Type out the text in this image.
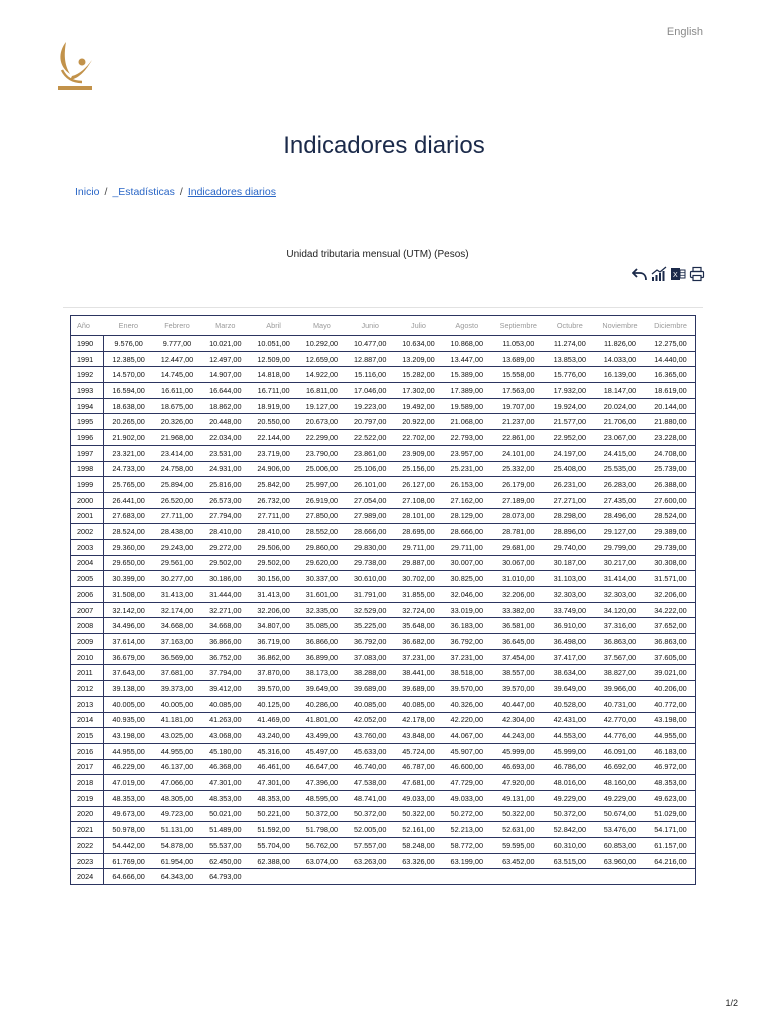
English
Indicadores diarios
Inicio / _Estadísticas / Indicadores diarios
Unidad tributaria mensual (UTM) (Pesos)
X
Año	Enero	Febrero	Marzo	Abril	Mayo	Junio	Julio	Agosto	Septiembre	Octubre	Noviembre	Diciembre
1990	9.576,00	9.777,00	10.021,00	10.051,00	10.292,00	10.477,00	10.634,00	10.868,00	11.053,00	11.274,00	11.826,00	12.275,00
1991	12.385,00	12.447,00	12.497,00	12.509,00	12.659,00	12.887,00	13.209,00	13.447,00	13.689,00	13.853,00	14.033,00	14.440,00
1992	14.570,00	14.745,00	14.907,00	14.818,00	14.922,00	15.116,00	15.282,00	15.389,00	15.558,00	15.776,00	16.139,00	16.365,00
1993	16.594,00	16.611,00	16.644,00	16.711,00	16.811,00	17.046,00	17.302,00	17.389,00	17.563,00	17.932,00	18.147,00	18.619,00
1994	18.638,00	18.675,00	18.862,00	18.919,00	19.127,00	19.223,00	19.492,00	19.589,00	19.707,00	19.924,00	20.024,00	20.144,00
1995	20.265,00	20.326,00	20.448,00	20.550,00	20.673,00	20.797,00	20.922,00	21.068,00	21.237,00	21.577,00	21.706,00	21.880,00
1996	21.902,00	21.968,00	22.034,00	22.144,00	22.299,00	22.522,00	22.702,00	22.793,00	22.861,00	22.952,00	23.067,00	23.228,00
1997	23.321,00	23.414,00	23.531,00	23.719,00	23.790,00	23.861,00	23.909,00	23.957,00	24.101,00	24.197,00	24.415,00	24.708,00
1998	24.733,00	24.758,00	24.931,00	24.906,00	25.006,00	25.106,00	25.156,00	25.231,00	25.332,00	25.408,00	25.535,00	25.739,00
1999	25.765,00	25.894,00	25.816,00	25.842,00	25.997,00	26.101,00	26.127,00	26.153,00	26.179,00	26.231,00	26.283,00	26.388,00
2000	26.441,00	26.520,00	26.573,00	26.732,00	26.919,00	27.054,00	27.108,00	27.162,00	27.189,00	27.271,00	27.435,00	27.600,00
2001	27.683,00	27.711,00	27.794,00	27.711,00	27.850,00	27.989,00	28.101,00	28.129,00	28.073,00	28.298,00	28.496,00	28.524,00
2002	28.524,00	28.438,00	28.410,00	28.410,00	28.552,00	28.666,00	28.695,00	28.666,00	28.781,00	28.896,00	29.127,00	29.389,00
2003	29.360,00	29.243,00	29.272,00	29.506,00	29.860,00	29.830,00	29.711,00	29.711,00	29.681,00	29.740,00	29.799,00	29.739,00
2004	29.650,00	29.561,00	29.502,00	29.502,00	29.620,00	29.738,00	29.887,00	30.007,00	30.067,00	30.187,00	30.217,00	30.308,00
2005	30.399,00	30.277,00	30.186,00	30.156,00	30.337,00	30.610,00	30.702,00	30.825,00	31.010,00	31.103,00	31.414,00	31.571,00
2006	31.508,00	31.413,00	31.444,00	31.413,00	31.601,00	31.791,00	31.855,00	32.046,00	32.206,00	32.303,00	32.303,00	32.206,00
2007	32.142,00	32.174,00	32.271,00	32.206,00	32.335,00	32.529,00	32.724,00	33.019,00	33.382,00	33.749,00	34.120,00	34.222,00
2008	34.496,00	34.668,00	34.668,00	34.807,00	35.085,00	35.225,00	35.648,00	36.183,00	36.581,00	36.910,00	37.316,00	37.652,00
2009	37.614,00	37.163,00	36.866,00	36.719,00	36.866,00	36.792,00	36.682,00	36.792,00	36.645,00	36.498,00	36.863,00	36.863,00
2010	36.679,00	36.569,00	36.752,00	36.862,00	36.899,00	37.083,00	37.231,00	37.231,00	37.454,00	37.417,00	37.567,00	37.605,00
2011	37.643,00	37.681,00	37.794,00	37.870,00	38.173,00	38.288,00	38.441,00	38.518,00	38.557,00	38.634,00	38.827,00	39.021,00
2012	39.138,00	39.373,00	39.412,00	39.570,00	39.649,00	39.689,00	39.689,00	39.570,00	39.570,00	39.649,00	39.966,00	40.206,00
2013	40.005,00	40.005,00	40.085,00	40.125,00	40.286,00	40.085,00	40.085,00	40.326,00	40.447,00	40.528,00	40.731,00	40.772,00
2014	40.935,00	41.181,00	41.263,00	41.469,00	41.801,00	42.052,00	42.178,00	42.220,00	42.304,00	42.431,00	42.770,00	43.198,00
2015	43.198,00	43.025,00	43.068,00	43.240,00	43.499,00	43.760,00	43.848,00	44.067,00	44.243,00	44.553,00	44.776,00	44.955,00
2016	44.955,00	44.955,00	45.180,00	45.316,00	45.497,00	45.633,00	45.724,00	45.907,00	45.999,00	45.999,00	46.091,00	46.183,00
2017	46.229,00	46.137,00	46.368,00	46.461,00	46.647,00	46.740,00	46.787,00	46.600,00	46.693,00	46.786,00	46.692,00	46.972,00
2018	47.019,00	47.066,00	47.301,00	47.301,00	47.396,00	47.538,00	47.681,00	47.729,00	47.920,00	48.016,00	48.160,00	48.353,00
2019	48.353,00	48.305,00	48.353,00	48.353,00	48.595,00	48.741,00	49.033,00	49.033,00	49.131,00	49.229,00	49.229,00	49.623,00
2020	49.673,00	49.723,00	50.021,00	50.221,00	50.372,00	50.372,00	50.322,00	50.272,00	50.322,00	50.372,00	50.674,00	51.029,00
2021	50.978,00	51.131,00	51.489,00	51.592,00	51.798,00	52.005,00	52.161,00	52.213,00	52.631,00	52.842,00	53.476,00	54.171,00
2022	54.442,00	54.878,00	55.537,00	55.704,00	56.762,00	57.557,00	58.248,00	58.772,00	59.595,00	60.310,00	60.853,00	61.157,00
2023	61.769,00	61.954,00	62.450,00	62.388,00	63.074,00	63.263,00	63.326,00	63.199,00	63.452,00	63.515,00	63.960,00	64.216,00
2024	64.666,00	64.343,00	64.793,00									
1/2
